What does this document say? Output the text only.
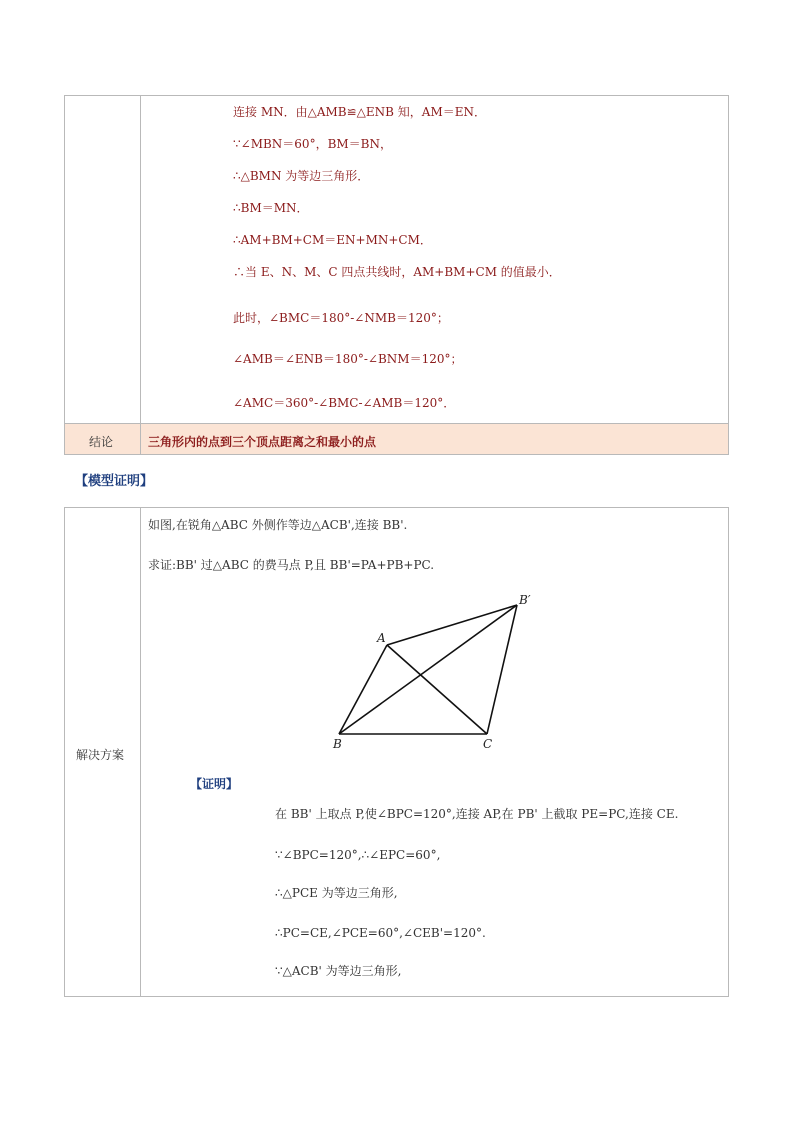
连接 MN．由△AMB≌△ENB 知，AM＝EN．
∵∠MBN＝60°，BM＝BN，
∴△BMN 为等边三角形．
∴BM＝MN．
∴AM+BM+CM＝EN+MN+CM．
∴当 E、N、M、C 四点共线时，AM+BM+CM 的值最小．
此时，∠BMC＝180°-∠NMB＝120°；
∠AMB＝∠ENB＝180°-∠BNM＝120°；
∠AMC＝360°-∠BMC-∠AMB＝120°．
结论	三角形内的点到三个顶点距离之和最小的点
【模型证明】
解决方案
如图,在锐角△ABC 外侧作等边△ACB',连接 BB'.
求证:BB' 过△ABC 的费马点 P,且 BB'=PA+PB+PC.
A
B	C
B′
【证明】
在 BB' 上取点 P,使∠BPC=120°,连接 AP,在 PB' 上截取 PE=PC,连接 CE.
∵∠BPC=120°,∴∠EPC=60°,
∴△PCE 为等边三角形,
∴PC=CE,∠PCE=60°,∠CEB'=120°.
∵△ACB' 为等边三角形,
